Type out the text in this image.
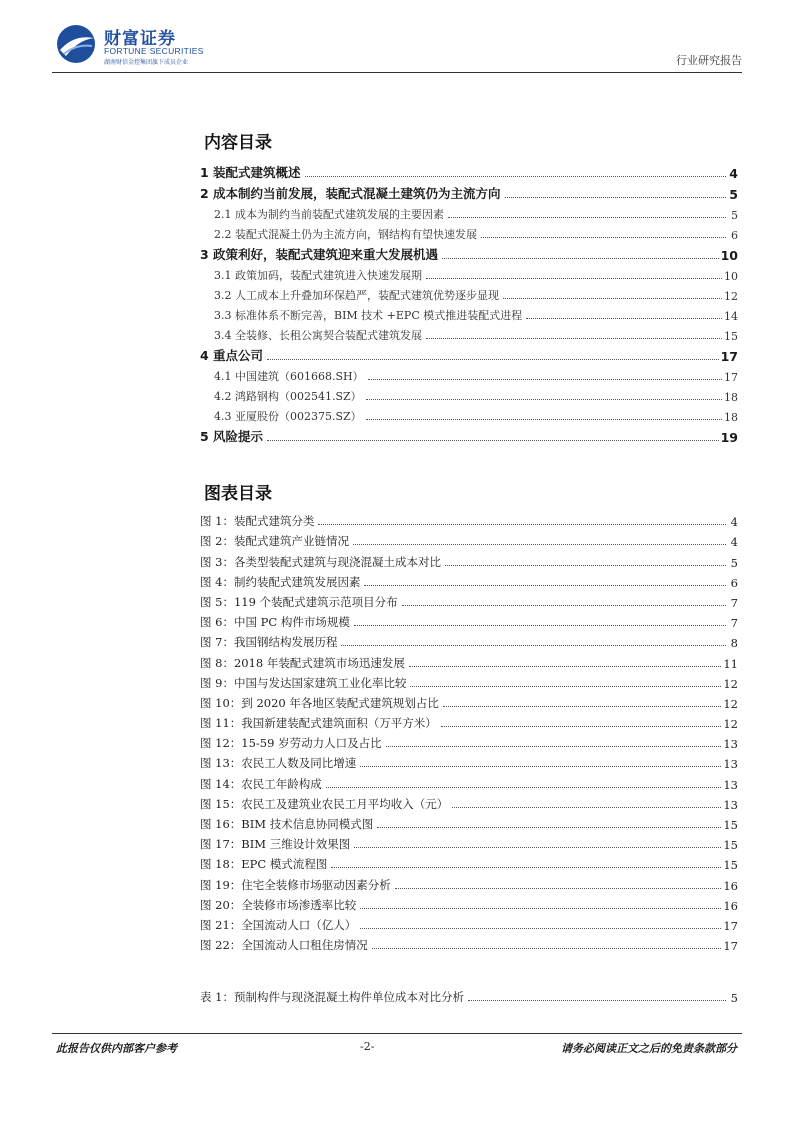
财富证券
FORTUNE SECURITIES
湖南财信金控集团旗下成员企业	行业研究报告
内容目录
1 装配式建筑概述	4
2 成本制约当前发展，装配式混凝土建筑仍为主流方向	5
2.1 成本为制约当前装配式建筑发展的主要因素	5
2.2 装配式混凝土仍为主流方向，钢结构有望快速发展	6
3 政策利好，装配式建筑迎来重大发展机遇	10
3.1 政策加码，装配式建筑进入快速发展期	10
3.2 人工成本上升叠加环保趋严，装配式建筑优势逐步显现	12
3.3 标准体系不断完善，BIM 技术 +EPC 模式推进装配式进程	14
3.4 全装修、长租公寓契合装配式建筑发展	15
4 重点公司	17
4.1 中国建筑（601668.SH）	17
4.2 鸿路钢构（002541.SZ）	18
4.3 亚厦股份（002375.SZ）	18
5 风险提示	19
图表目录
图 1：装配式建筑分类	4
图 2：装配式建筑产业链情况	4
图 3：各类型装配式建筑与现浇混凝土成本对比	5
图 4：制约装配式建筑发展因素	6
图 5：119 个装配式建筑示范项目分布	7
图 6：中国 PC 构件市场规模	7
图 7：我国钢结构发展历程	8
图 8：2018 年装配式建筑市场迅速发展	11
图 9：中国与发达国家建筑工业化率比较	12
图 10：到 2020 年各地区装配式建筑规划占比	12
图 11：我国新建装配式建筑面积（万平方米）	12
图 12：15-59 岁劳动力人口及占比	13
图 13：农民工人数及同比增速	13
图 14：农民工年龄构成	13
图 15：农民工及建筑业农民工月平均收入（元）	13
图 16：BIM 技术信息协同模式图	15
图 17：BIM 三维设计效果图	15
图 18：EPC 模式流程图	15
图 19：住宅全装修市场驱动因素分析	16
图 20：全装修市场渗透率比较	16
图 21：全国流动人口（亿人）	17
图 22：全国流动人口租住房情况	17
表 1：预制构件与现浇混凝土构件单位成本对比分析	5
此报告仅供内部客户参考	-2-	请务必阅读正文之后的免责条款部分
